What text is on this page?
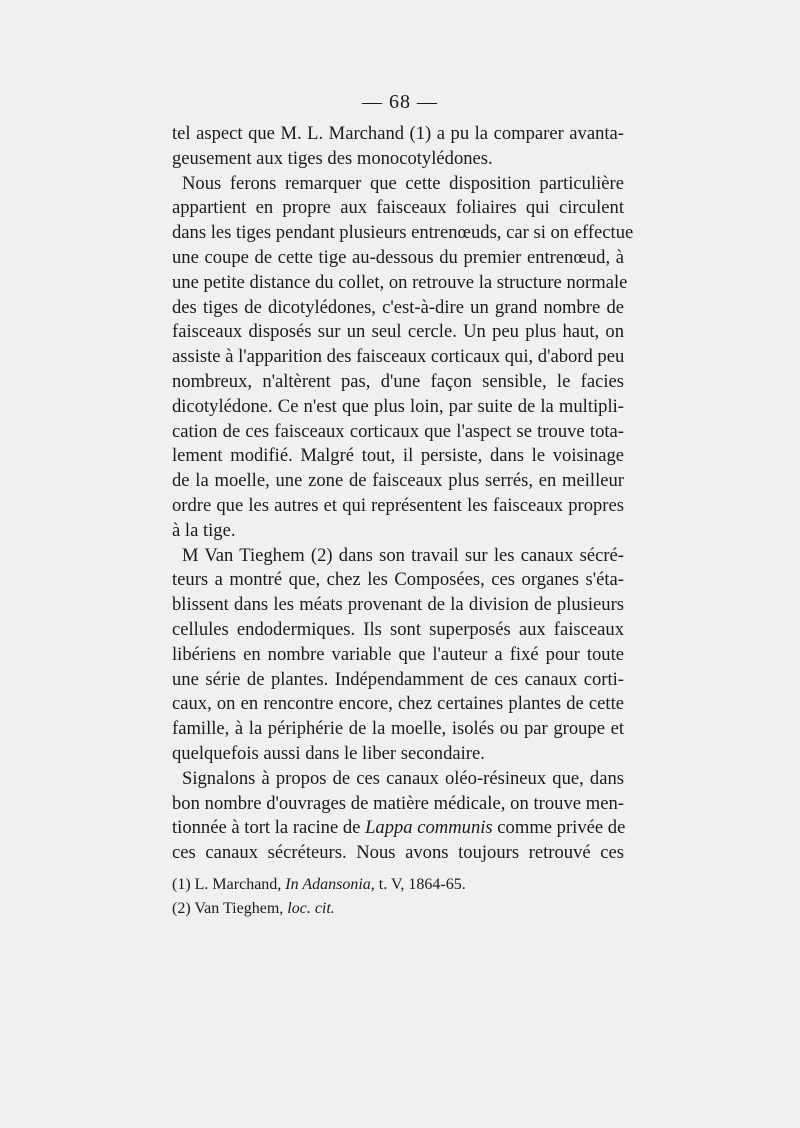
— 68 —
tel aspect que M. L. Marchand (1) a pu la comparer avanta-
geusement aux tiges des monocotylédones.
Nous ferons remarquer que cette disposition particulière
appartient en propre aux faisceaux foliaires qui circulent
dans les tiges pendant plusieurs entrenœuds, car si on effectue
une coupe de cette tige au-dessous du premier entrenœud, à
une petite distance du collet, on retrouve la structure normale
des tiges de dicotylédones, c'est-à-dire un grand nombre de
faisceaux disposés sur un seul cercle. Un peu plus haut, on
assiste à l'apparition des faisceaux corticaux qui, d'abord peu
nombreux, n'altèrent pas, d'une façon sensible, le facies
dicotylédone. Ce n'est que plus loin, par suite de la multipli-
cation de ces faisceaux corticaux que l'aspect se trouve tota-
lement modifié. Malgré tout, il persiste, dans le voisinage
de la moelle, une zone de faisceaux plus serrés, en meilleur
ordre que les autres et qui représentent les faisceaux propres
à la tige.
M Van Tieghem (2) dans son travail sur les canaux sécré-
teurs a montré que, chez les Composées, ces organes s'éta-
blissent dans les méats provenant de la division de plusieurs
cellules endodermiques. Ils sont superposés aux faisceaux
libériens en nombre variable que l'auteur a fixé pour toute
une série de plantes. Indépendamment de ces canaux corti-
caux, on en rencontre encore, chez certaines plantes de cette
famille, à la périphérie de la moelle, isolés ou par groupe et
quelquefois aussi dans le liber secondaire.
Signalons à propos de ces canaux oléo-résineux que, dans
bon nombre d'ouvrages de matière médicale, on trouve men-
tionnée à tort la racine de Lappa communis comme privée de
ces canaux sécréteurs. Nous avons toujours retrouvé ces
(1) L. Marchand, In Adansonia, t. V, 1864-65.
(2) Van Tieghem, loc. cit.
